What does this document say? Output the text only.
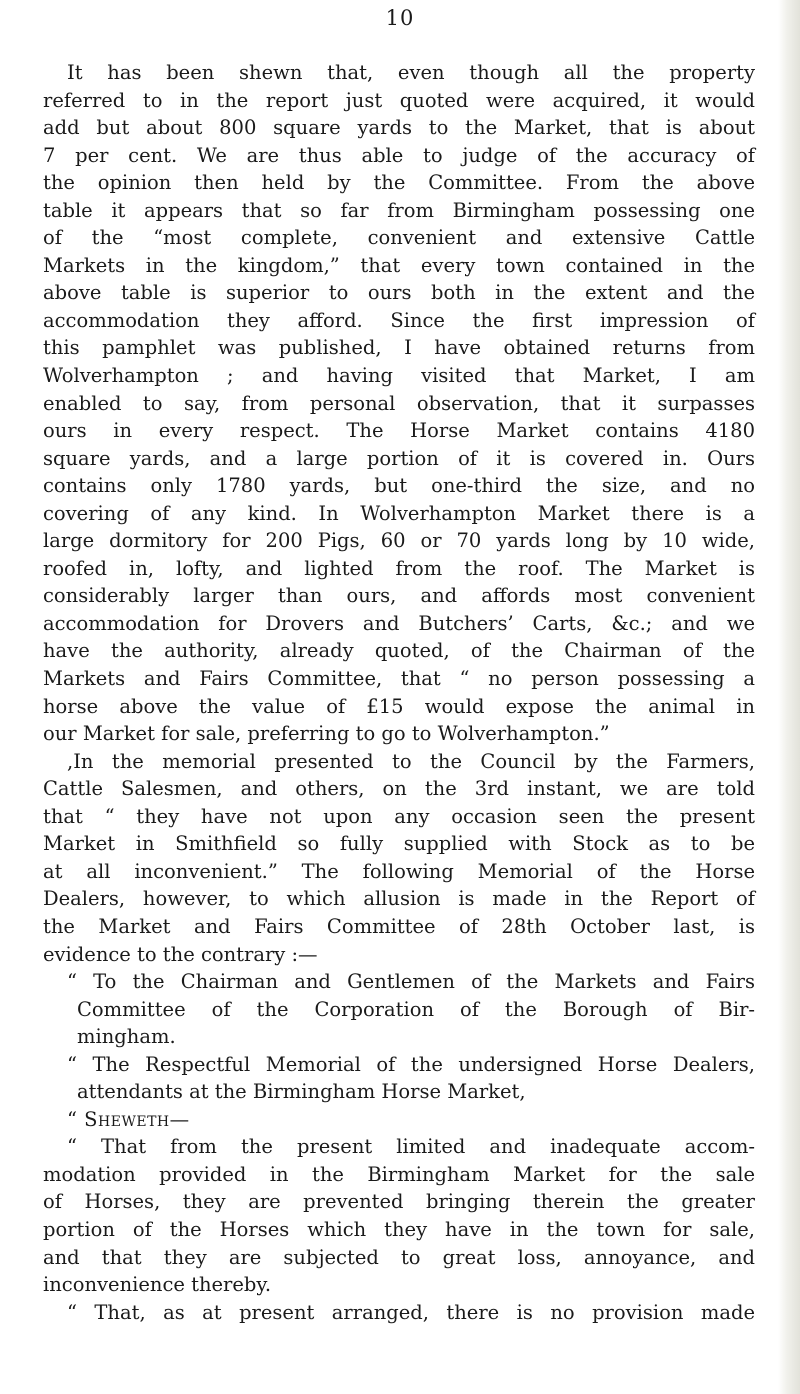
10
It has been shewn that, even though all the property
referred to in the report just quoted were acquired, it would
add but about 800 square yards to the Market, that is about
7 per cent. We are thus able to judge of the accuracy of
the opinion then held by the Committee. From the above
table it appears that so far from Birmingham possessing one
of the “most complete, convenient and extensive Cattle
Markets in the kingdom,” that every town contained in the
above table is superior to ours both in the extent and the
accommodation they afford. Since the first impression of
this pamphlet was published, I have obtained returns from
Wolverhampton ; and having visited that Market, I am
enabled to say, from personal observation, that it surpasses
ours in every respect. The Horse Market contains 4180
square yards, and a large portion of it is covered in. Ours
contains only 1780 yards, but one-third the size, and no
covering of any kind. In Wolverhampton Market there is a
large dormitory for 200 Pigs, 60 or 70 yards long by 10 wide,
roofed in, lofty, and lighted from the roof. The Market is
considerably larger than ours, and affords most convenient
accommodation for Drovers and Butchers’ Carts, &c.; and we
have the authority, already quoted, of the Chairman of the
Markets and Fairs Committee, that “ no person possessing a
horse above the value of £15 would expose the animal in
our Market for sale, preferring to go to Wolverhampton.”
,In the memorial presented to the Council by the Farmers,
Cattle Salesmen, and others, on the 3rd instant, we are told
that “ they have not upon any occasion seen the present
Market in Smithfield so fully supplied with Stock as to be
at all inconvenient.” The following Memorial of the Horse
Dealers, however, to which allusion is made in the Report of
the Market and Fairs Committee of 28th October last, is
evidence to the contrary :—
“ To the Chairman and Gentlemen of the Markets and Fairs
Committee of the Corporation of the Borough of Bir-
mingham.
“ The Respectful Memorial of the undersigned Horse Dealers,
attendants at the Birmingham Horse Market,
“ Sheweth—
“ That from the present limited and inadequate accom-
modation provided in the Birmingham Market for the sale
of Horses, they are prevented bringing therein the greater
portion of the Horses which they have in the town for sale,
and that they are subjected to great loss, annoyance, and
inconvenience thereby.
“ That, as at present arranged, there is no provision made
